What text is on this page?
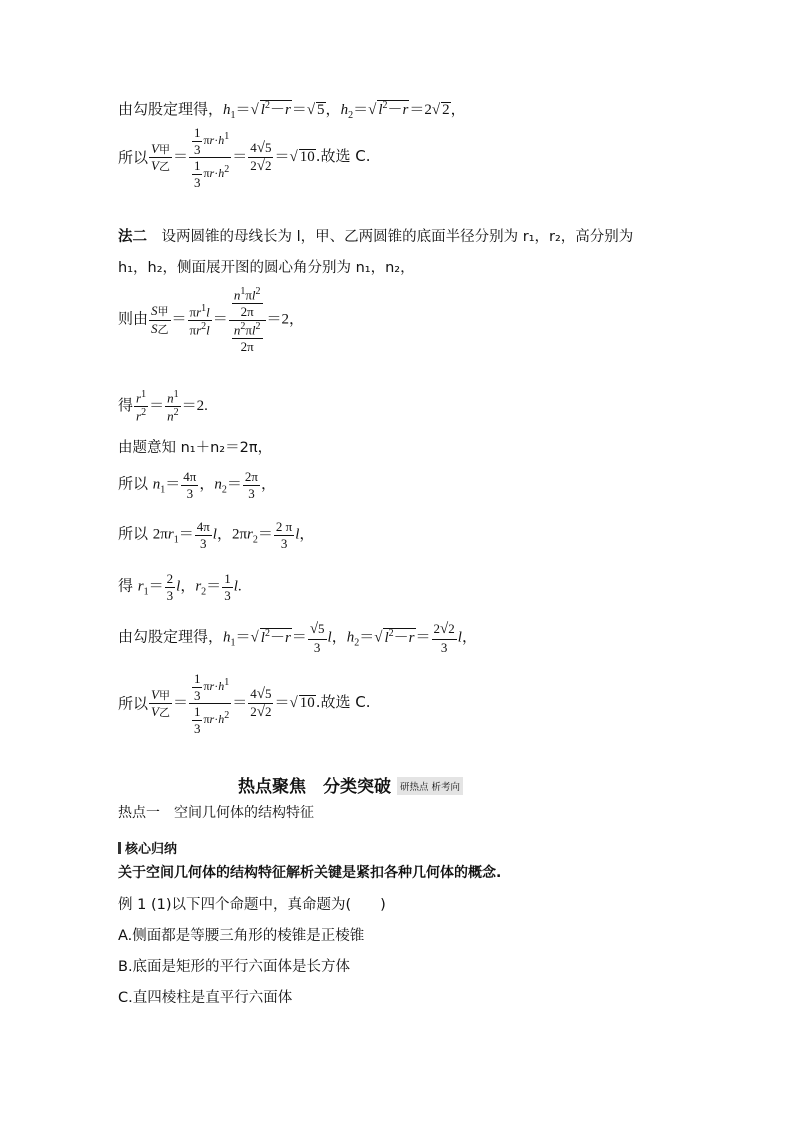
由勾股定理得，$h_1=√$ $l^2-r=√$ 5，$h_2=√$ $l^2-r=2√$ 2，
所以 $\frac{\text{V甲}}{\text{V乙}} = \frac{\frac{1}{3} \pi r\cdot h^1}{\frac{1}{3} \pi r\cdot h^2} = \frac{4√5}{2√2}$ ＝√ 10.故选 C.
法二　 设两圆锥的母线长为 l，甲、乙两圆锥的底面半径分别为 r₁，r₂，高分别为
h₁，h₂，侧面展开图的圆心角分别为 n₁，n₂，
则由 $\frac{\text{S甲}}{\text{S乙}} = \frac{\pi r^1l}{\pi r^2l} = \frac{\frac{n^1\pi l^2}{2\pi}}{\frac{n^2\pi l^2}{2\pi}} =2$，
得 $\frac{r^1}{r^2} = \frac{n^1}{n^2} =2$.
由题意知 n₁＋n₂＝2π，
所以 $n_1= \frac{4\pi}{3}$ ，$n_2= \frac{2\pi}{3}$ ，
所以 $2\pi r_1= \frac{4\pi}{3}$ l，$2\pi r_2= \frac{2 \pi}{3}$ l，
得 $r_1= \frac{2}{3}$ l，$r_2= \frac{1}{3} l$.
由勾股定理得，$h_1=√$ $l^2-r= \frac{√5}{3}$ l，$h_2=√$ $l^2-r= \frac{2√2}{3}$ l，
所以 $\frac{\text{V甲}}{\text{V乙}} = \frac{\frac{1}{3} \pi r\cdot h^1}{\frac{1}{3} \pi r\cdot h^2} = \frac{4√5}{2√2}$ ＝√ 10.故选 C.
热点聚焦　分类突破 研热点 析考向
热点一　空间几何体的结构特征
核心归纳
关于空间几何体的结构特征解析关键是紧扣各种几何体的概念.
例 1 (1)以下四个命题中，真命题为(　　)
A.侧面都是等腰三角形的棱锥是正棱锥
B.底面是矩形的平行六面体是长方体
C.直四棱柱是直平行六面体
